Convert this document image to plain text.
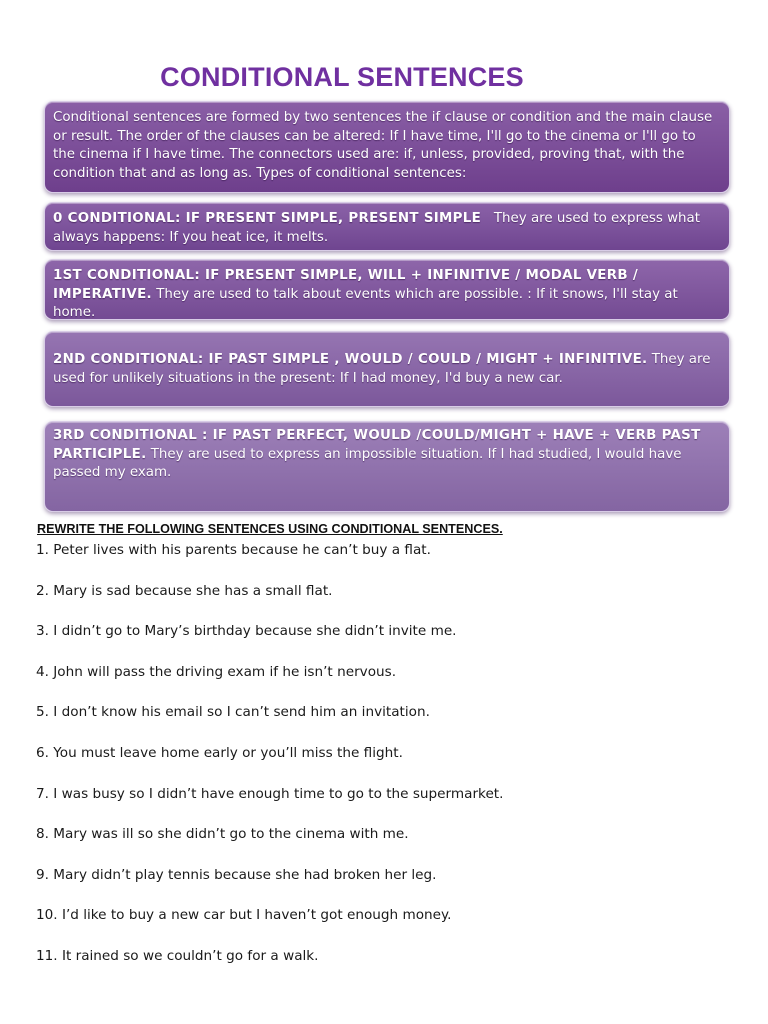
CONDITIONAL SENTENCES
Conditional sentences are formed by two sentences the if clause or condition and the main clause or result. The order of the clauses can be altered: If I have time, I'll go to the cinema or I'll go to the cinema if I have time. The connectors used are: if, unless, provided, proving that, with the condition that and as long as. Types of conditional sentences:
0 CONDITIONAL: IF PRESENT SIMPLE, PRESENT SIMPLE They are used to express what always happens: If you heat ice, it melts.
1ST CONDITIONAL: IF PRESENT SIMPLE, WILL + INFINITIVE / MODAL VERB / IMPERATIVE. They are used to talk about events which are possible. : If it snows, I'll stay at home.
2ND CONDITIONAL: IF PAST SIMPLE , WOULD / COULD / MIGHT + INFINITIVE. They are used for unlikely situations in the present: If I had money, I'd buy a new car.
3RD CONDITIONAL : IF PAST PERFECT, WOULD /COULD/MIGHT + HAVE + VERB PAST PARTICIPLE. They are used to express an impossible situation. If I had studied, I would have passed my exam.
REWRITE THE FOLLOWING SENTENCES USING CONDITIONAL SENTENCES.
1. Peter lives with his parents because he can’t buy a flat.
2. Mary is sad because she has a small flat.
3. I didn’t go to Mary’s birthday because she didn’t invite me.
4. John will pass the driving exam if he isn’t nervous.
5. I don’t know his email so I can’t send him an invitation.
6. You must leave home early or you’ll miss the flight.
7. I was busy so I didn’t have enough time to go to the supermarket.
8. Mary was ill so she didn’t go to the cinema with me.
9. Mary didn’t play tennis because she had broken her leg.
10. I’d like to buy a new car but I haven’t got enough money.
11. It rained so we couldn’t go for a walk.
